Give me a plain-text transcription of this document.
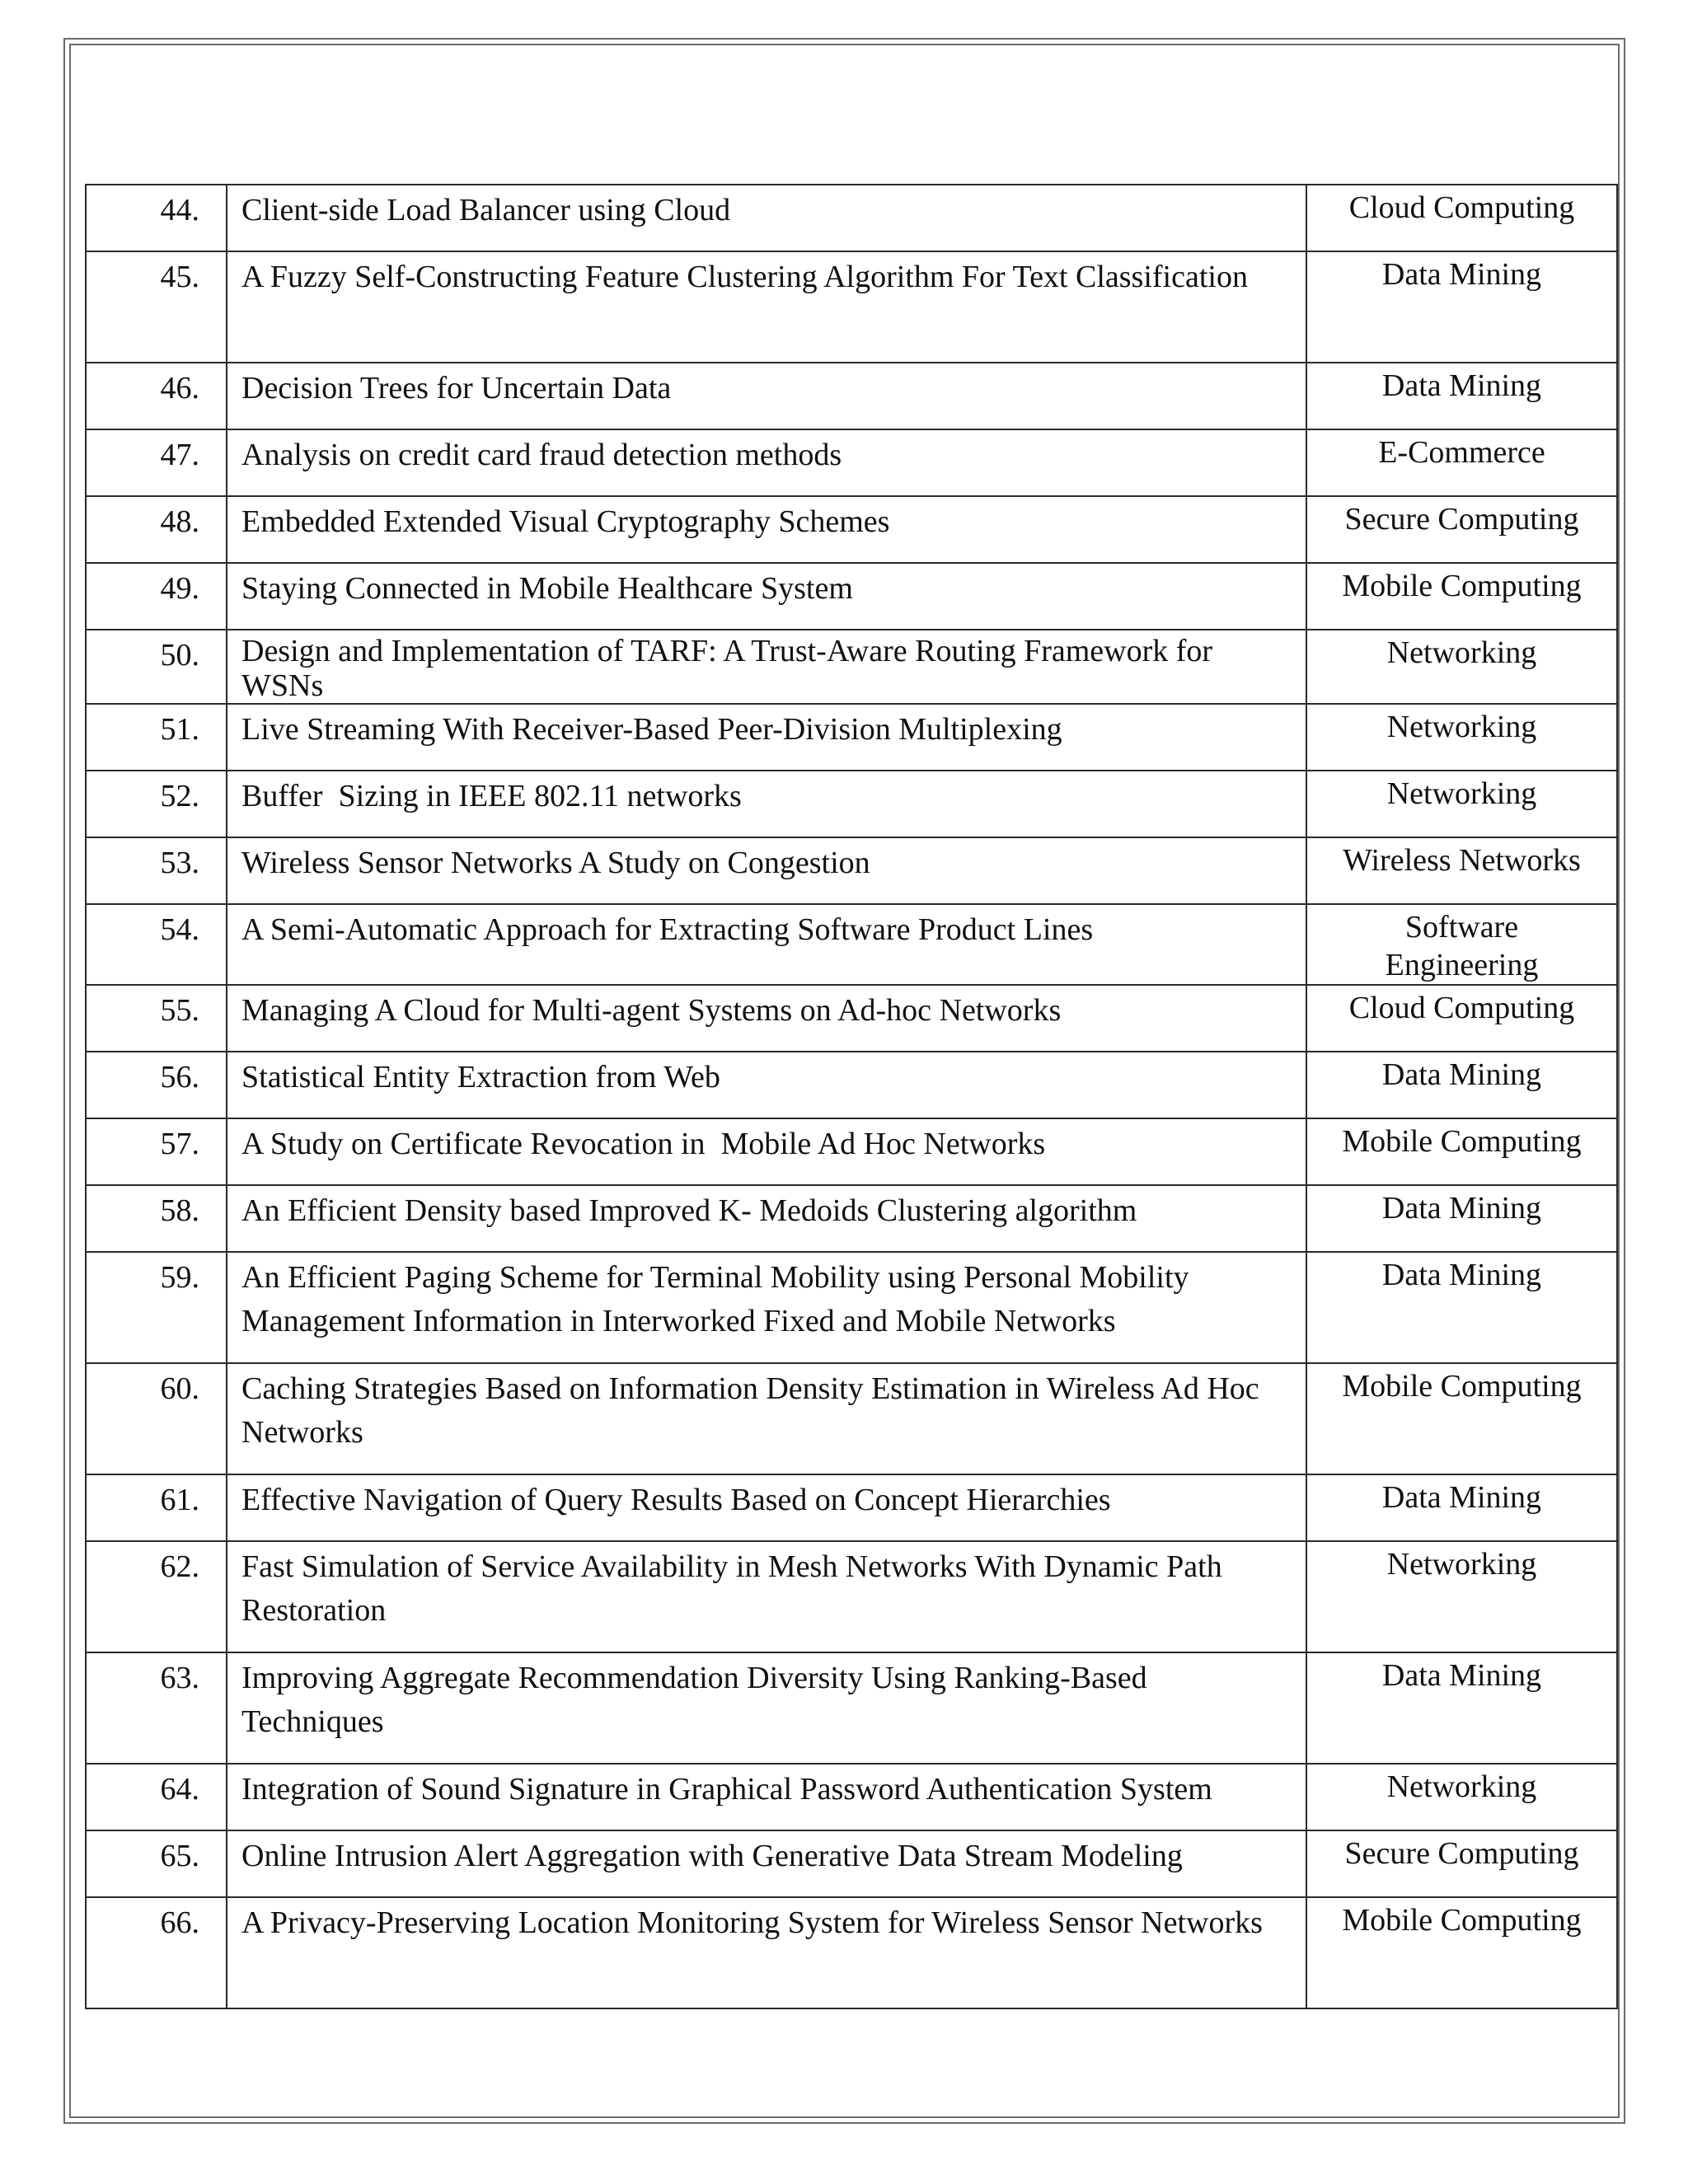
44.	Client-side Load Balancer using Cloud	Cloud Computing
45.	A Fuzzy Self-Constructing Feature Clustering Algorithm For Text Classification	Data Mining
46.	Decision Trees for Uncertain Data	Data Mining
47.	Analysis on credit card fraud detection methods	E-Commerce
48.	Embedded Extended Visual Cryptography Schemes	Secure Computing
49.	Staying Connected in Mobile Healthcare System	Mobile Computing
50.	Design and Implementation of TARF: A Trust-Aware Routing Framework for WSNs	Networking
51.	Live Streaming With Receiver-Based Peer-Division Multiplexing	Networking
52.	Buffer  Sizing in IEEE 802.11 networks	Networking
53.	Wireless Sensor Networks A Study on Congestion	Wireless Networks
54.	A Semi-Automatic Approach for Extracting Software Product Lines	Software Engineering
55.	Managing A Cloud for Multi-agent Systems on Ad-hoc Networks	Cloud Computing
56.	Statistical Entity Extraction from Web	Data Mining
57.	A Study on Certificate Revocation in  Mobile Ad Hoc Networks	Mobile Computing
58.	An Efficient Density based Improved K- Medoids Clustering algorithm	Data Mining
59.	An Efficient Paging Scheme for Terminal Mobility using Personal Mobility Management Information in Interworked Fixed and Mobile Networks	Data Mining
60.	Caching Strategies Based on Information Density Estimation in Wireless Ad Hoc Networks	Mobile Computing
61.	Effective Navigation of Query Results Based on Concept Hierarchies	Data Mining
62.	Fast Simulation of Service Availability in Mesh Networks With Dynamic Path Restoration	Networking
63.	Improving Aggregate Recommendation Diversity Using Ranking-Based Techniques	Data Mining
64.	Integration of Sound Signature in Graphical Password Authentication System	Networking
65.	Online Intrusion Alert Aggregation with Generative Data Stream Modeling	Secure Computing
66.	A Privacy-Preserving Location Monitoring System for Wireless Sensor Networks	Mobile Computing
